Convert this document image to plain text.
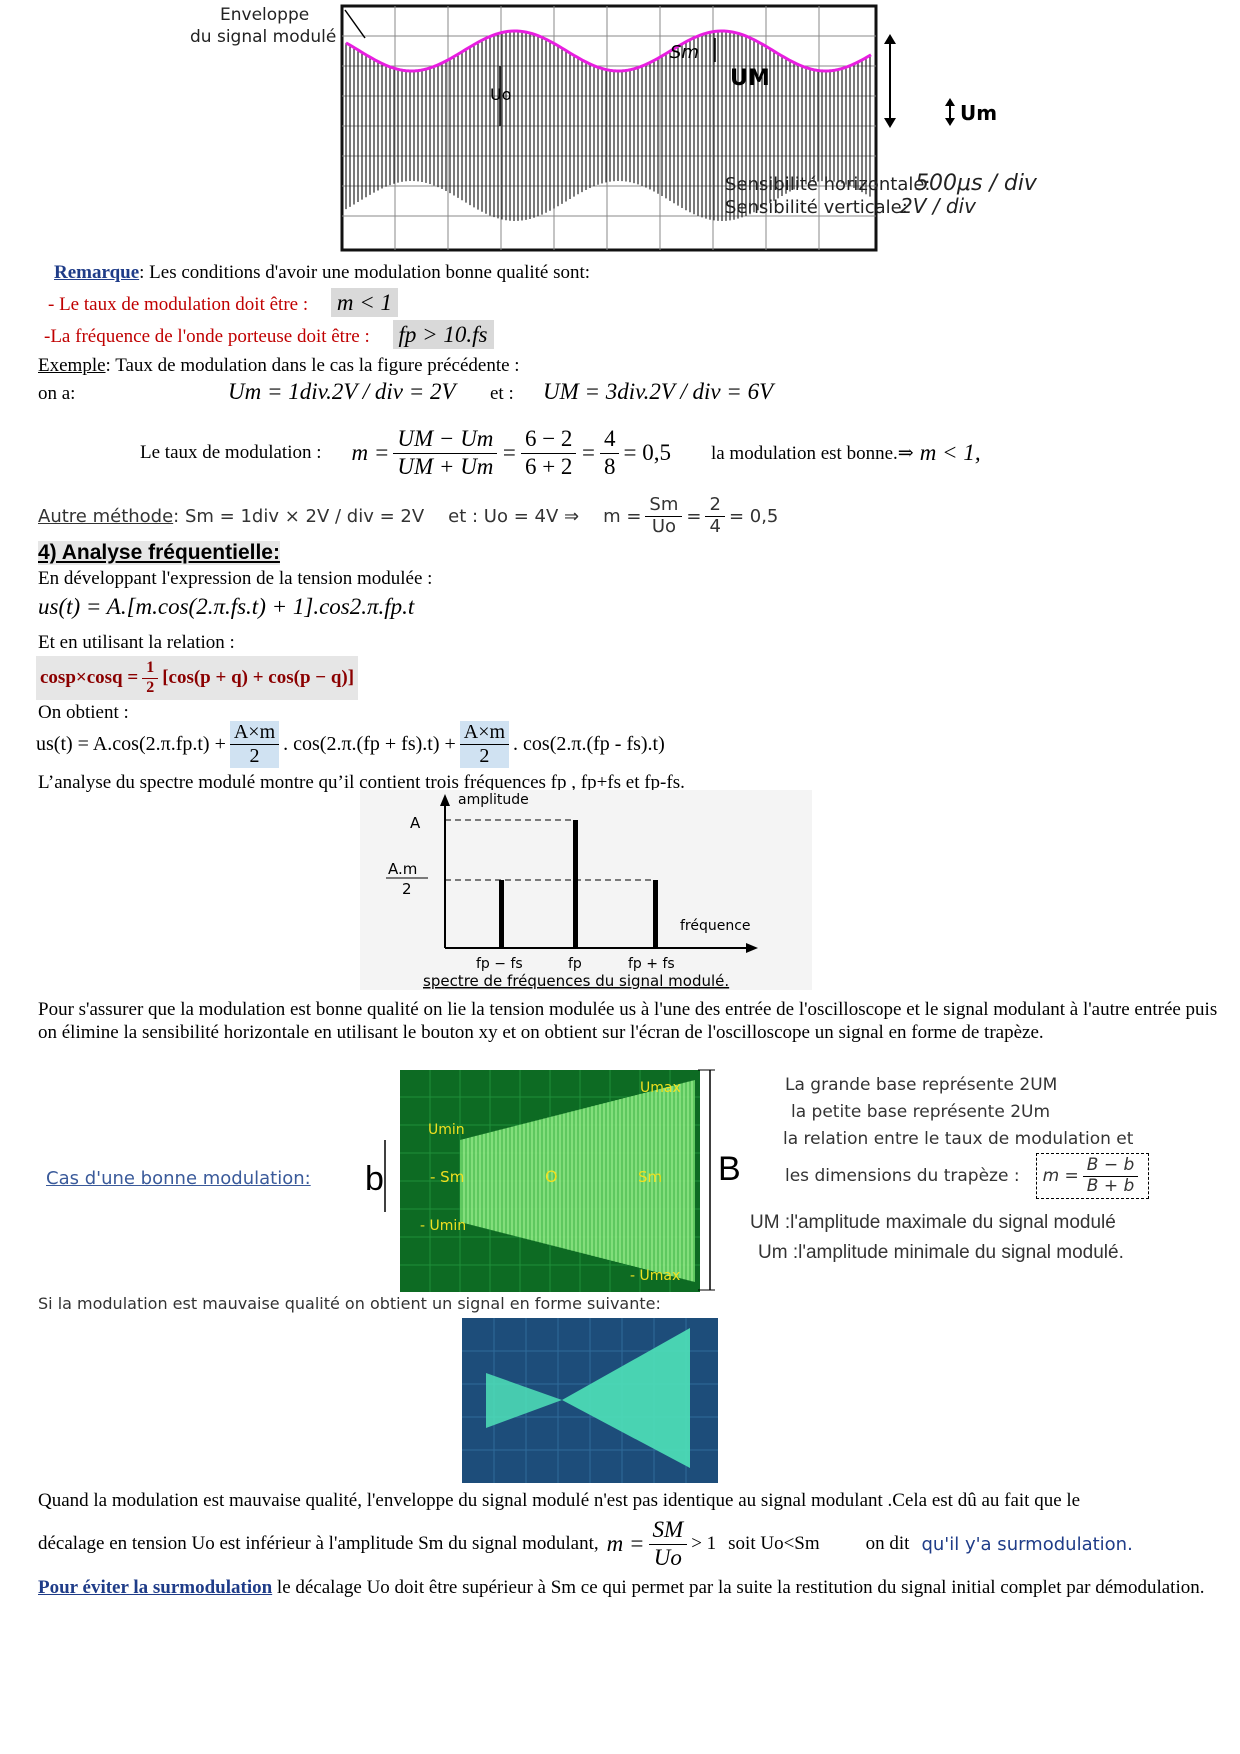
Uo
Sm
Enveloppe
du signal modulé
UM
Um
Sensibilité horizontale:
500μs / div
Sensibilité verticale:
2V / div
Remarque: Les conditions d'avoir une modulation bonne qualité sont:
- Le taux de modulation doit être : m < 1
-La fréquence de l'onde porteuse doit être : fp > 10.fs
Exemple: Taux de modulation dans le cas la figure précédente :
on a:	Um = 1div.2V / div = 2V et : UM = 3div.2V / div = 6V
Le taux de modulation : $m = \frac{UM - Um}{UM + Um} = \frac{6 - 2}{6 + 2} = \frac{4}{8} = 0,5$ la modulation est bonne.⇒ m < 1,
Autre méthode : Sm = 1div × 2V / div = 2V et : Uo = 4V ⇒ $m = \frac{Sm}{Uo} = \frac{2}{4} = 0,5$
4) Analyse fréquentielle:
En développant l'expression de la tension modulée :
us(t) = A.[m.cos(2.π.fs.t) + 1].cos2.π.fp.t
Et en utilisant la relation :
$\cos p\times\cos q = \frac{1}{2} [\cos(p + q) + \cos(p - q)]$
On obtient :
$us(t) = A.\cos(2.\pi.fp.t) + \frac{A\times m}{2}$ . $\cos(2.\pi.(fp + fs).t) + \frac{A\times m}{2}$ . cos(2.π.(fp - fs).t)
L’analyse du spectre modulé montre qu’il contient trois fréquences fp , fp+fs et fp-fs.
amplitude
A
A.m
2
fréquence
fp − fs	fp	fp + fs
spectre de fréquences du signal modulé.
Pour s'assurer que la modulation est bonne qualité on lie la tension modulée us à l'une des entrée de l'oscilloscope et le signal modulant à l'autre entrée puis on élimine la sensibilité horizontale en utilisant le bouton xy et on obtient sur l'écran de l'oscilloscope un signal en forme de trapèze.
Cas d'une bonne modulation: b	B
Umax
- Umax
Umin
- Umin
- Sm	Sm
O
La grande base représente 2UM
la petite base représente 2Um
la relation entre le taux de modulation et
les dimensions du trapèze : $m = \frac{B - b}{B + b}$
UM :l'amplitude maximale du signal modulé
Um :l'amplitude minimale du signal modulé.
Si la modulation est mauvaise qualité on obtient un signal en forme suivante:
Quand la modulation est mauvaise qualité, l'enveloppe du signal modulé n'est pas identique au signal modulant .Cela est dû au fait que le
décalage en tension Uo est inférieur à l'amplitude Sm du signal modulant, $m = \frac{SM}{Uo} > 1$ soit Uo<Sm on dit qu'il y'a surmodulation.
Pour éviter la surmodulation le décalage Uo doit être supérieur à Sm ce qui permet par la suite la restitution du signal initial complet par démodulation.
